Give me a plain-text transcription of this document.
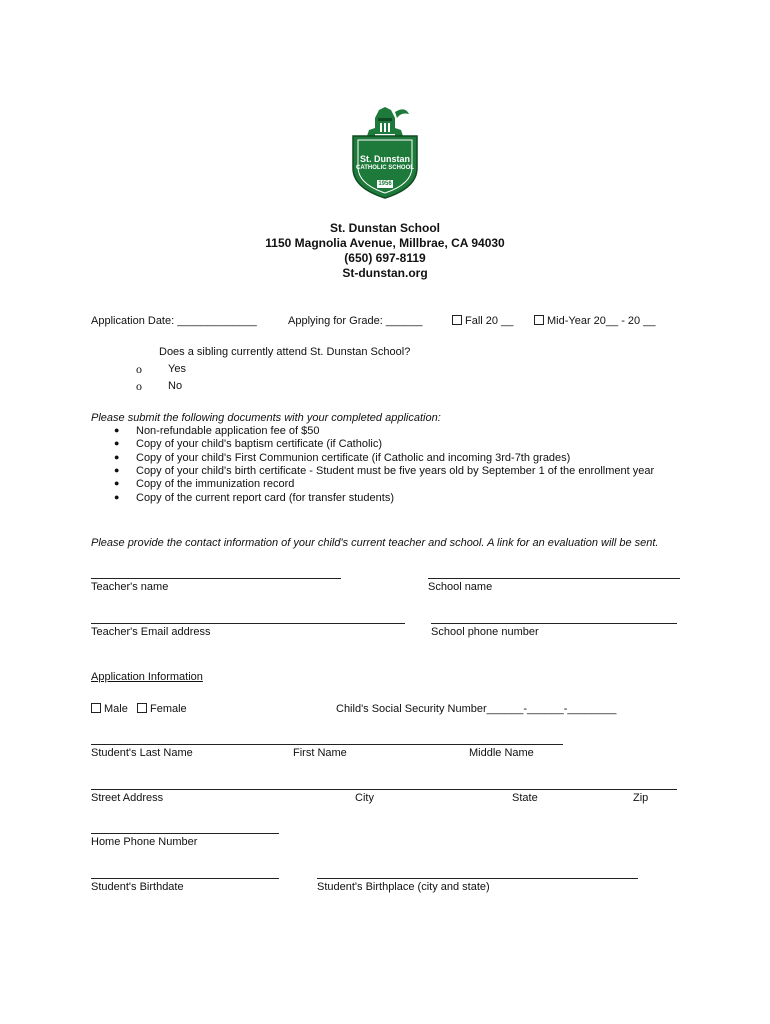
St. Dunstan
CATHOLIC SCHOOL
1956
St. Dunstan School
1150 Magnolia Avenue, Millbrae, CA 94030
(650) 697-8119
St-dunstan.org
Application Date: _____________	Applying for Grade: ______	Fall 20 __	Mid-Year 20__ - 20 __
Does a sibling currently attend St. Dunstan School?
o Yes
o No
Please submit the following documents with your completed application:
● Non-refundable application fee of $50
● Copy of your child's baptism certificate (if Catholic)
● Copy of your child's First Communion certificate (if Catholic and incoming 3rd-7th grades)
● Copy of your child's birth certificate - Student must be five years old by September 1 of the enrollment year
● Copy of the immunization record
● Copy of the current report card (for transfer students)
Please provide the contact information of your child's current teacher and school. A link for an evaluation will be sent.
Teacher's name	School name
Teacher's Email address	School phone number
Application Information
Male	Female	Child's Social Security Number______-______-________
Student's Last Name	First Name	Middle Name
Street Address	City	State	Zip
Home Phone Number
Student's Birthdate	Student's Birthplace (city and state)
